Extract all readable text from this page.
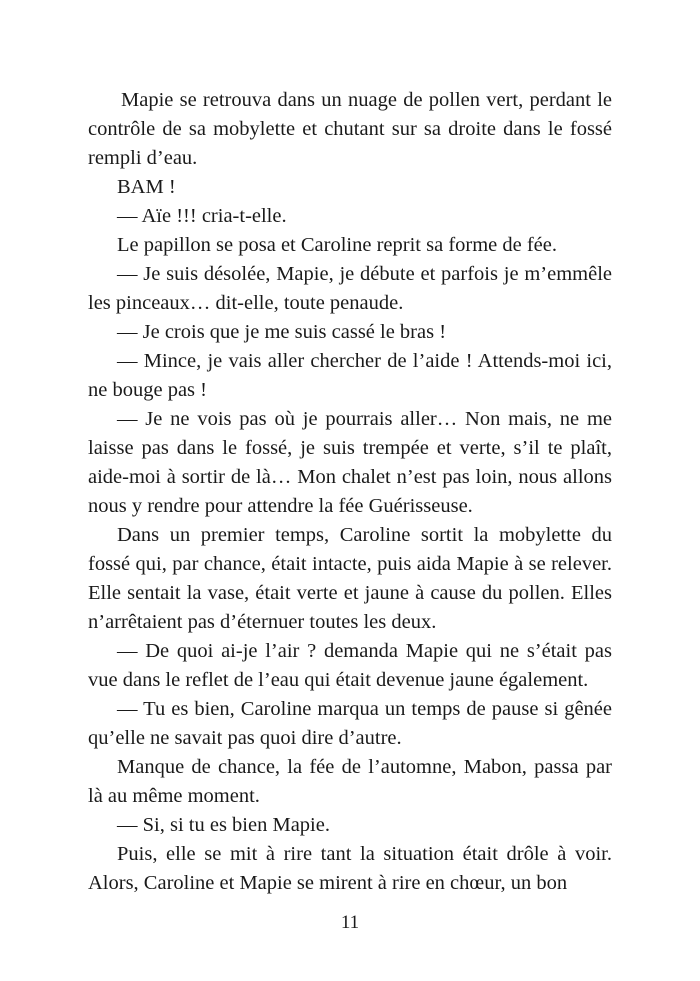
Mapie se retrouva dans un nuage de pollen vert, perdant le contrôle de sa mobylette et chutant sur sa droite dans le fossé rempli d’eau.

BAM !

— Aïe !!! cria-t-elle.

Le papillon se posa et Caroline reprit sa forme de fée.

— Je suis désolée, Mapie, je débute et parfois je m’emmêle les pinceaux… dit-elle, toute penaude.

— Je crois que je me suis cassé le bras !

— Mince, je vais aller chercher de l’aide ! Attends-moi ici, ne bouge pas !

— Je ne vois pas où je pourrais aller… Non mais, ne me laisse pas dans le fossé, je suis trempée et verte, s’il te plaît, aide-moi à sortir de là… Mon chalet n’est pas loin, nous allons nous y rendre pour attendre la fée Guérisseuse.

Dans un premier temps, Caroline sortit la mobylette du fossé qui, par chance, était intacte, puis aida Mapie à se relever. Elle sentait la vase, était verte et jaune à cause du pollen. Elles n’arrêtaient pas d’éternuer toutes les deux.

— De quoi ai-je l’air ? demanda Mapie qui ne s’était pas vue dans le reflet de l’eau qui était devenue jaune également.

— Tu es bien, Caroline marqua un temps de pause si gênée qu’elle ne savait pas quoi dire d’autre.

Manque de chance, la fée de l’automne, Mabon, passa par là au même moment.

— Si, si tu es bien Mapie.

Puis, elle se mit à rire tant la situation était drôle à voir. Alors, Caroline et Mapie se mirent à rire en chœur, un bon

11
